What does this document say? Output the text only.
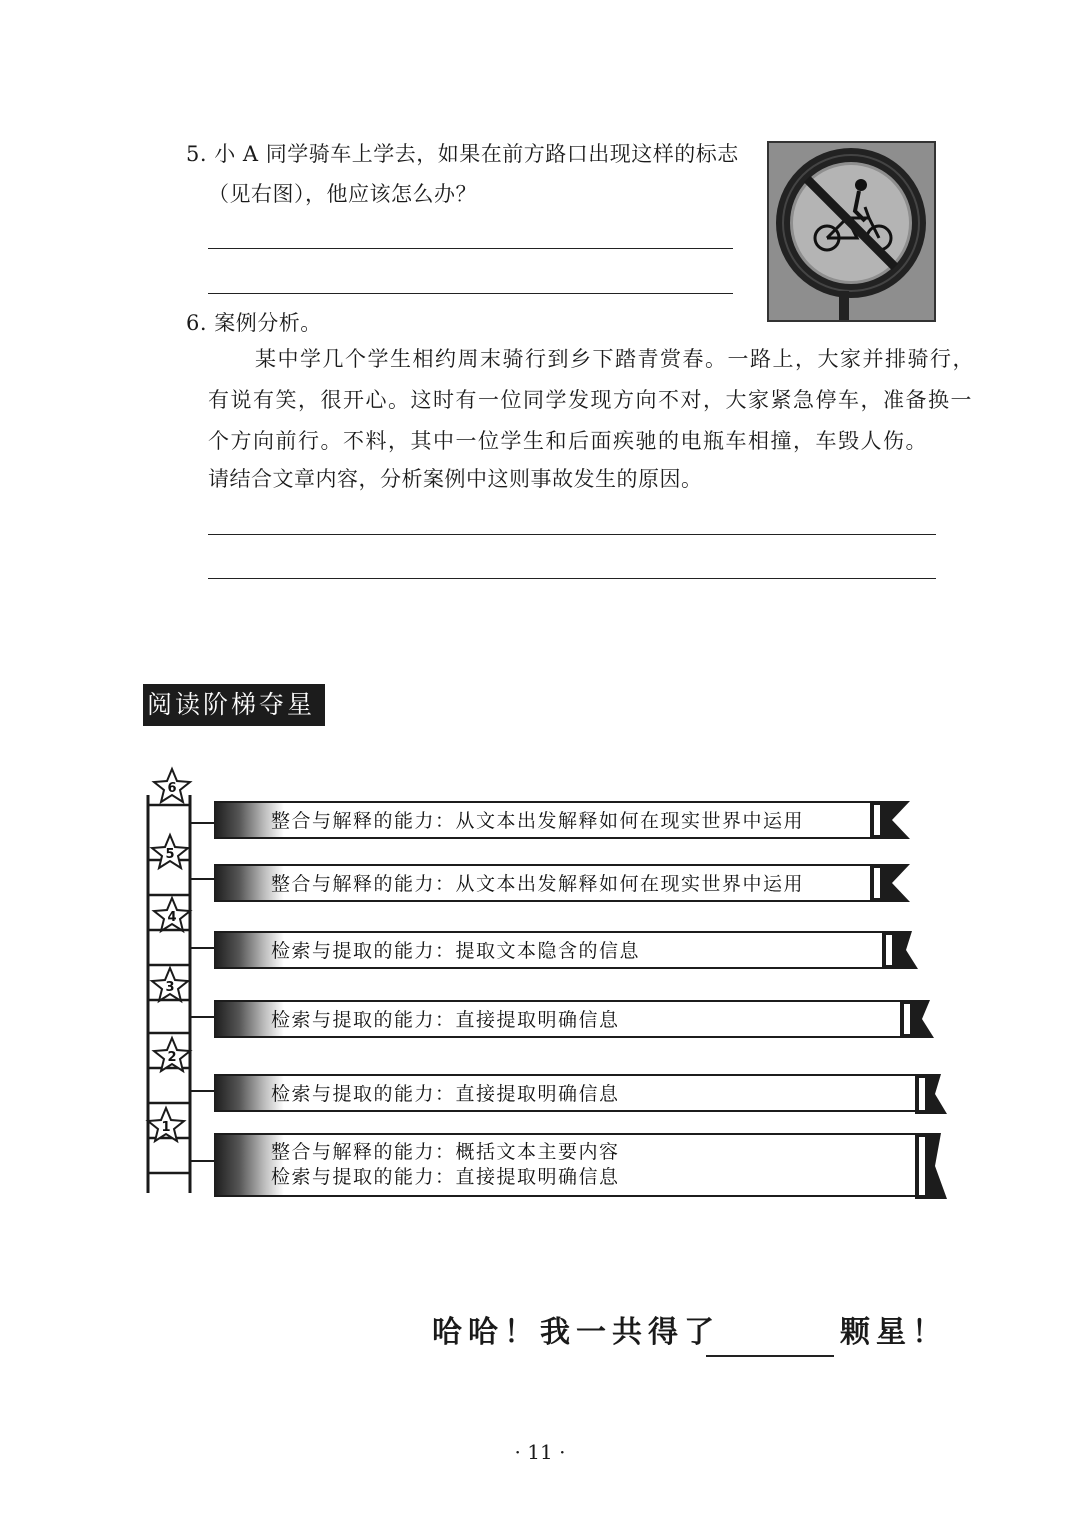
5. 小 A 同学骑车上学去，如果在前方路口出现这样的标志
（见右图），他应该怎么办？
6. 案例分析。
某中学几个学生相约周末骑行到乡下踏青赏春。一路上，大家并排骑行，
有说有笑，很开心。这时有一位同学发现方向不对，大家紧急停车，准备换一
个方向前行。不料，其中一位学生和后面疾驰的电瓶车相撞，车毁人伤。
请结合文章内容，分析案例中这则事故发生的原因。
阅读阶梯夺星
6
5
4
3
2
1
整合与解释的能力：从文本出发解释如何在现实世界中运用
整合与解释的能力：从文本出发解释如何在现实世界中运用
检索与提取的能力：提取文本隐含的信息
检索与提取的能力：直接提取明确信息
检索与提取的能力：直接提取明确信息
整合与解释的能力：概括文本主要内容
检索与提取的能力：直接提取明确信息
哈哈！我一共得了	颗星！
· 11 ·
